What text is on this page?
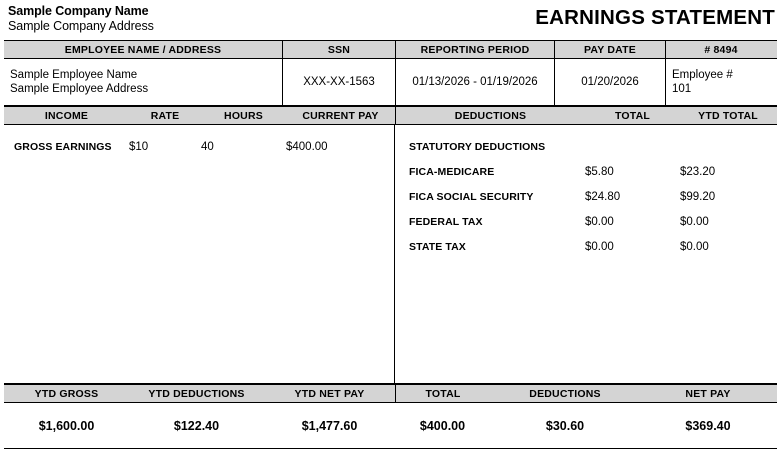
Sample Company Name
Sample Company Address	EARNINGS STATEMENT
EMPLOYEE NAME / ADDRESS	SSN	REPORTING PERIOD	PAY DATE	# 8494
Sample Employee Name
Sample Employee Address
XXX-XX-1563	01/13/2026 - 01/19/2026	01/20/2026
Employee #
101
INCOME	RATE	HOURS	CURRENT PAY	DEDUCTIONS	TOTAL	YTD TOTAL
GROSS EARNINGS	$10	40	$400.00	STATUTORY DEDUCTIONS
FICA-MEDICARE	$5.80	$23.20
FICA SOCIAL SECURITY	$24.80	$99.20
FEDERAL TAX	$0.00	$0.00
STATE TAX	$0.00	$0.00
YTD GROSS	YTD DEDUCTIONS	YTD NET PAY	TOTAL	DEDUCTIONS	NET PAY
$1,600.00	$122.40	$1,477.60	$400.00	$30.60	$369.40
